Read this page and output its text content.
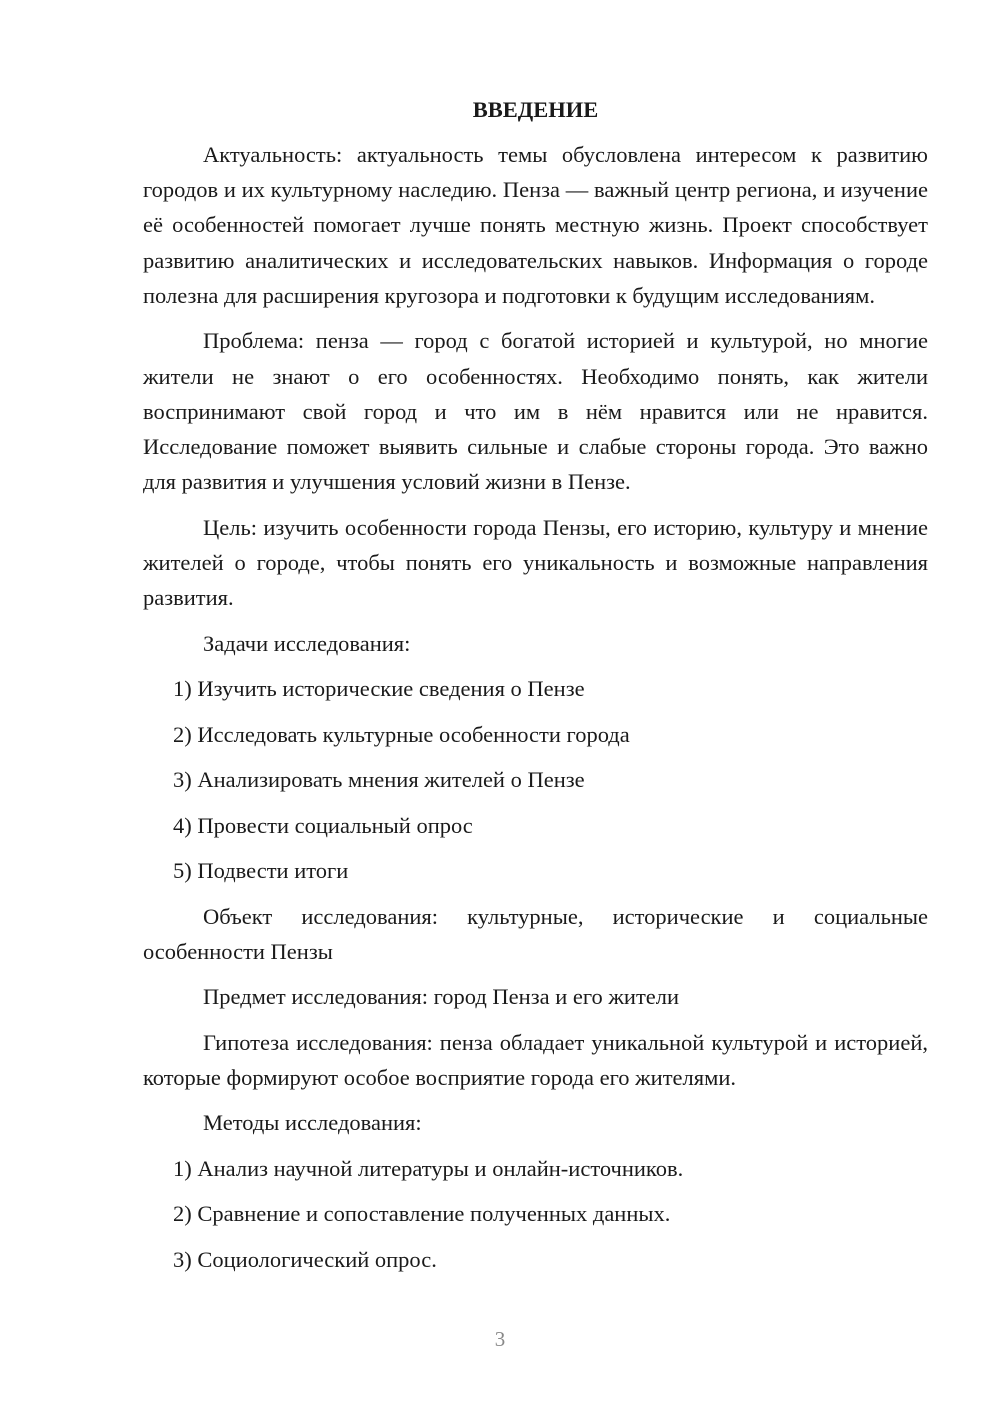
ВВЕДЕНИЕ

Актуальность: актуальность темы обусловлена интересом к развитию городов и их культурному наследию. Пенза — важный центр региона, и изучение её особенностей помогает лучше понять местную жизнь. Проект способствует развитию аналитических и исследовательских навыков. Информация о городе полезна для расширения кругозора и подготовки к будущим исследованиям.

Проблема: пенза — город с богатой историей и культурой, но многие жители не знают о его особенностях. Необходимо понять, как жители воспринимают свой город и что им в нём нравится или не нравится. Исследование поможет выявить сильные и слабые стороны города. Это важно для развития и улучшения условий жизни в Пензе.

Цель: изучить особенности города Пензы, его историю, культуру и мнение жителей о городе, чтобы понять его уникальность и возможные направления развития.

Задачи исследования:

1) Изучить исторические сведения о Пензе

2) Исследовать культурные особенности города

3) Анализировать мнения жителей о Пензе

4) Провести социальный опрос

5) Подвести итоги

Объект исследования: культурные, исторические и социальные особенности Пензы

Предмет исследования: город Пенза и его жители

Гипотеза исследования: пенза обладает уникальной культурой и историей, которые формируют особое восприятие города его жителями.

Методы исследования:

1) Анализ научной литературы и онлайн-источников.

2) Сравнение и сопоставление полученных данных.

3) Социологический опрос.

3
